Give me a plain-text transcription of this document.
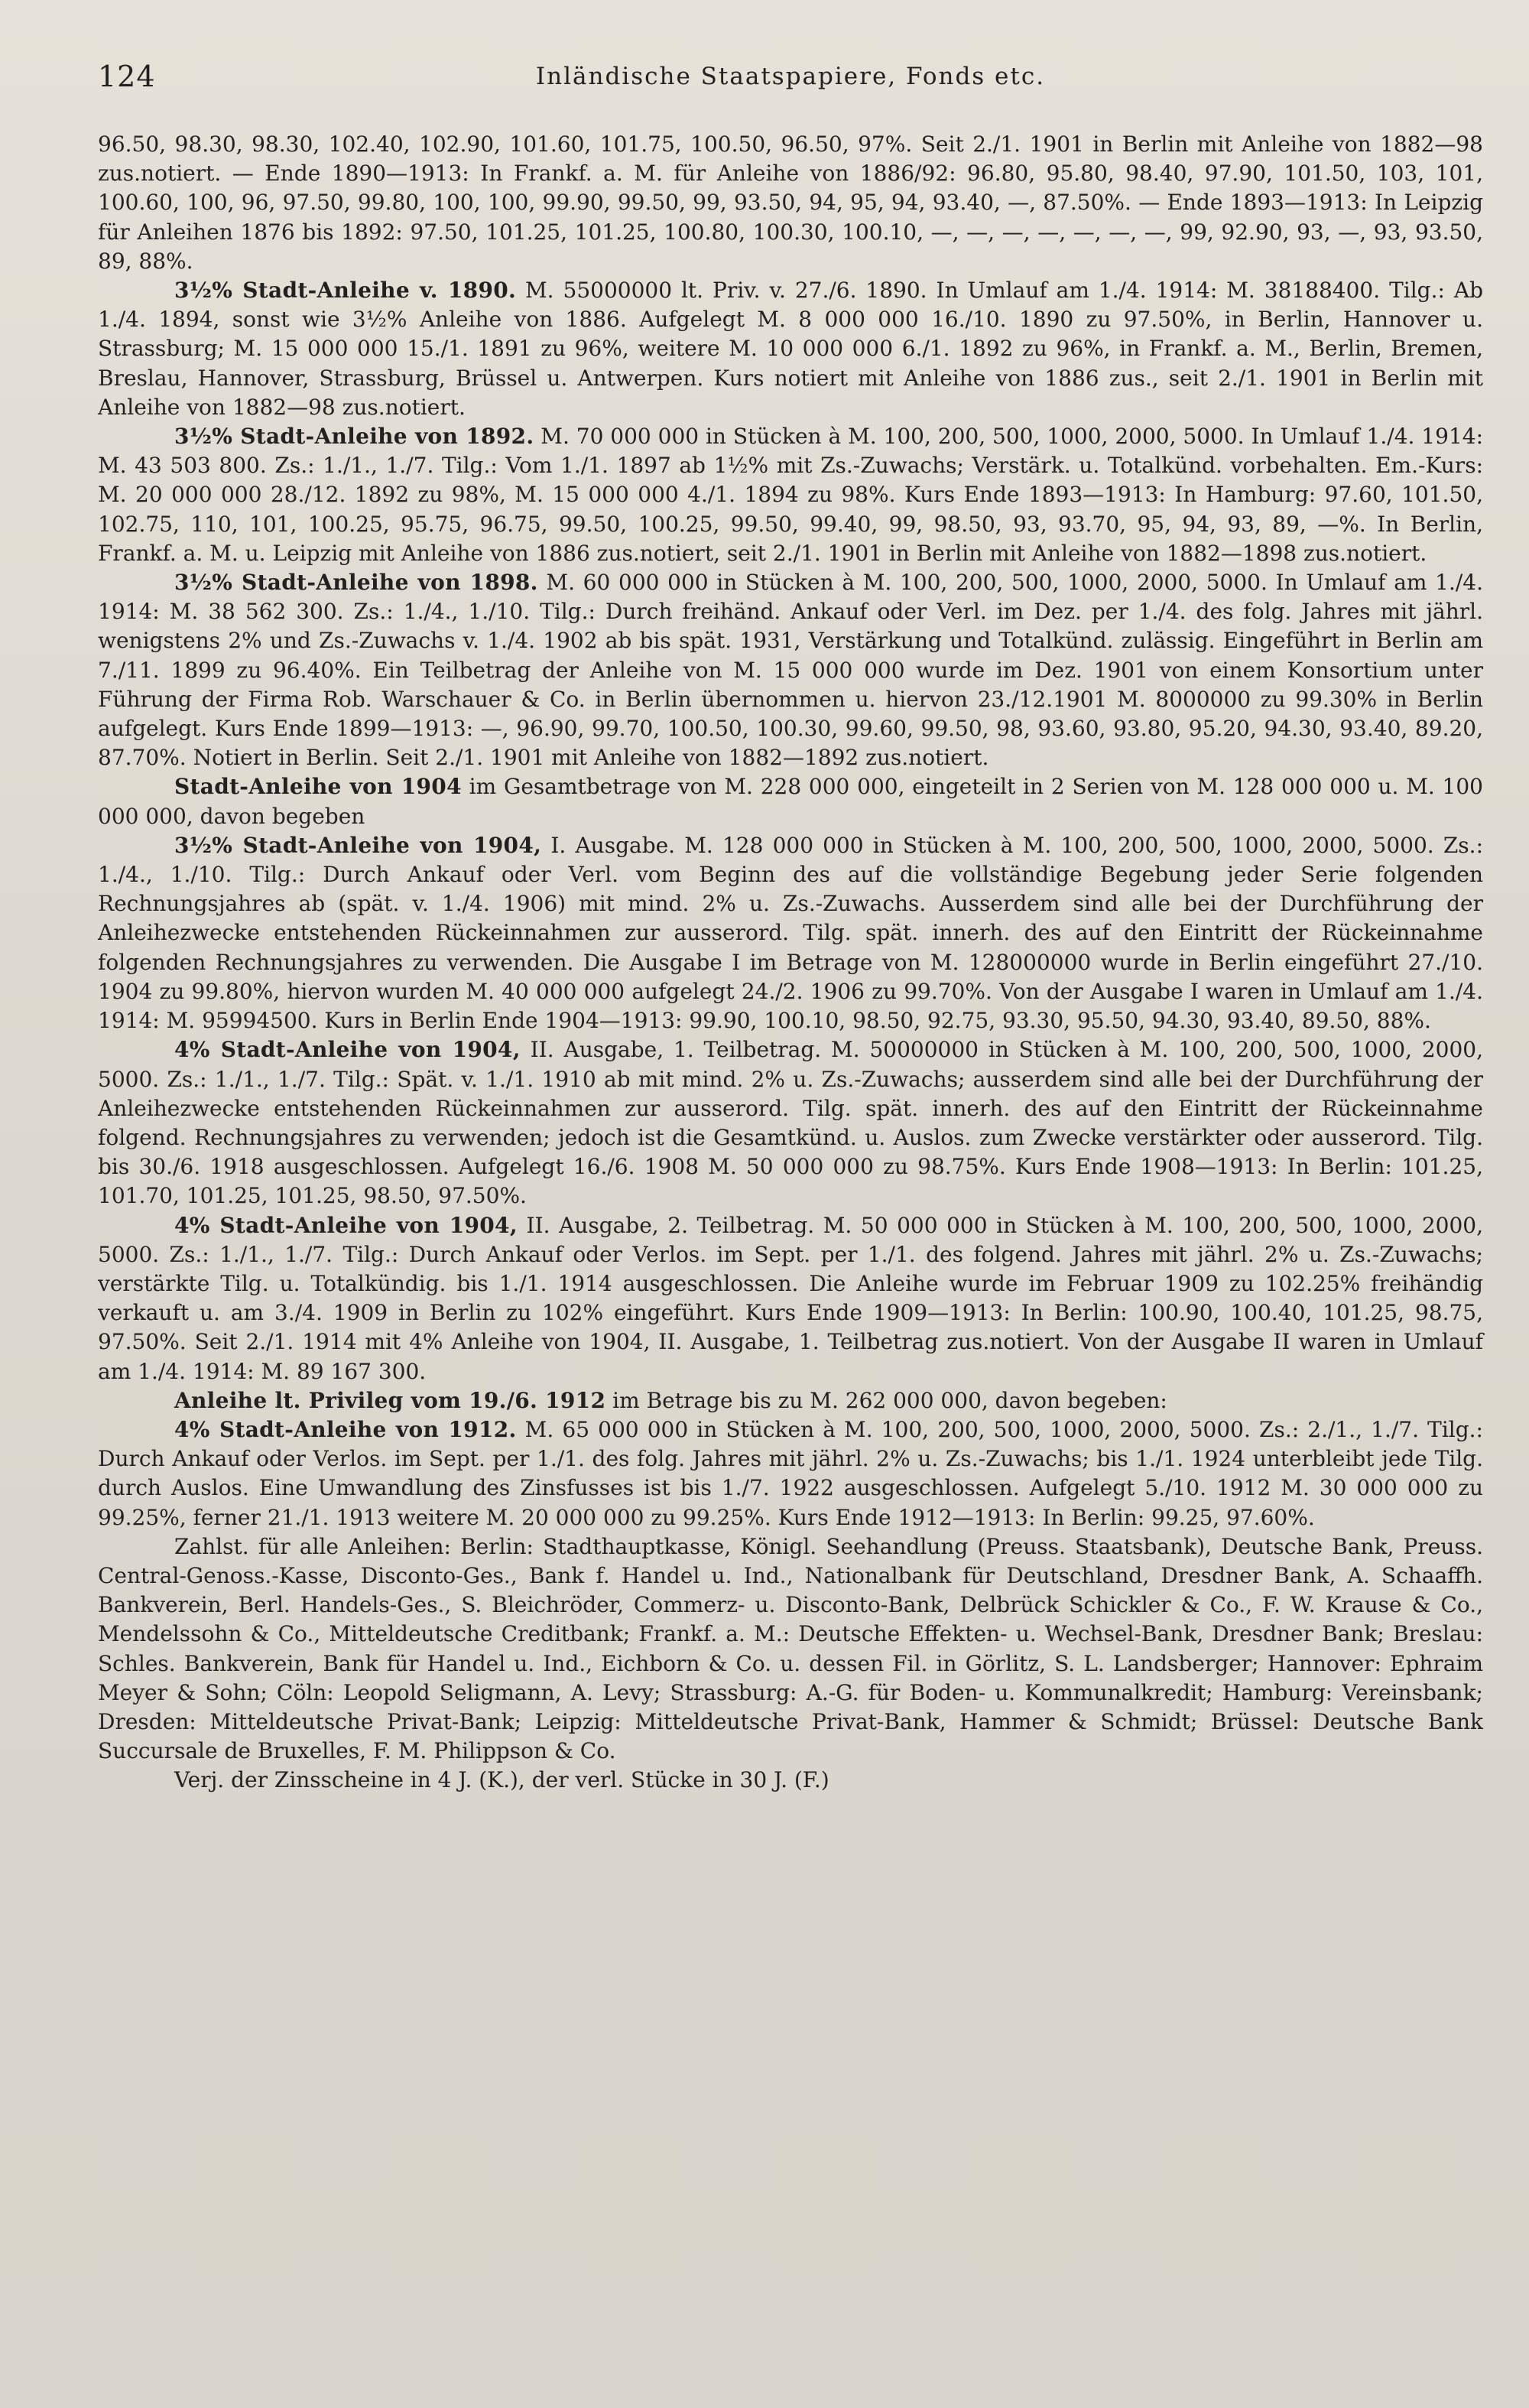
124	Inländische Staatspapiere, Fonds etc.

96.50, 98.30, 98.30, 102.40, 102.90, 101.60, 101.75, 100.50, 96.50, 97%. Seit 2./1. 1901 in Berlin mit Anleihe von 1882—98 zus.notiert. — Ende 1890—1913: In Frankf. a. M. für Anleihe von 1886/92: 96.80, 95.80, 98.40, 97.90, 101.50, 103, 101, 100.60, 100, 96, 97.50, 99.80, 100, 100, 99.90, 99.50, 99, 93.50, 94, 95, 94, 93.40, —, 87.50%. — Ende 1893—1913: In Leipzig für Anleihen 1876 bis 1892: 97.50, 101.25, 101.25, 100.80, 100.30, 100.10, —, —, —, —, —, —, —, 99, 92.90, 93, —, 93, 93.50, 89, 88%.

3½% Stadt-Anleihe v. 1890. M. 55000000 lt. Priv. v. 27./6. 1890. In Umlauf am 1./4. 1914: M. 38188400. Tilg.: Ab 1./4. 1894, sonst wie 3½% Anleihe von 1886. Aufgelegt M. 8 000 000 16./10. 1890 zu 97.50%, in Berlin, Hannover u. Strassburg; M. 15 000 000 15./1. 1891 zu 96%, weitere M. 10 000 000 6./1. 1892 zu 96%, in Frankf. a. M., Berlin, Bremen, Breslau, Hannover, Strassburg, Brüssel u. Antwerpen. Kurs notiert mit Anleihe von 1886 zus., seit 2./1. 1901 in Berlin mit Anleihe von 1882—98 zus.notiert.

3½% Stadt-Anleihe von 1892. M. 70 000 000 in Stücken à M. 100, 200, 500, 1000, 2000, 5000. In Umlauf 1./4. 1914: M. 43 503 800. Zs.: 1./1., 1./7. Tilg.: Vom 1./1. 1897 ab 1½% mit Zs.-Zuwachs; Verstärk. u. Totalkünd. vorbehalten. Em.-Kurs: M. 20 000 000 28./12. 1892 zu 98%, M. 15 000 000 4./1. 1894 zu 98%. Kurs Ende 1893—1913: In Hamburg: 97.60, 101.50, 102.75, 110, 101, 100.25, 95.75, 96.75, 99.50, 100.25, 99.50, 99.40, 99, 98.50, 93, 93.70, 95, 94, 93, 89, —%. In Berlin, Frankf. a. M. u. Leipzig mit Anleihe von 1886 zus.notiert, seit 2./1. 1901 in Berlin mit Anleihe von 1882—1898 zus.notiert.

3½% Stadt-Anleihe von 1898. M. 60 000 000 in Stücken à M. 100, 200, 500, 1000, 2000, 5000. In Umlauf am 1./4. 1914: M. 38 562 300. Zs.: 1./4., 1./10. Tilg.: Durch freihänd. Ankauf oder Verl. im Dez. per 1./4. des folg. Jahres mit jährl. wenigstens 2% und Zs.-Zuwachs v. 1./4. 1902 ab bis spät. 1931, Verstärkung und Totalkünd. zulässig. Eingeführt in Berlin am 7./11. 1899 zu 96.40%. Ein Teilbetrag der Anleihe von M. 15 000 000 wurde im Dez. 1901 von einem Konsortium unter Führung der Firma Rob. Warschauer & Co. in Berlin übernommen u. hiervon 23./12.1901 M. 8000000 zu 99.30% in Berlin aufgelegt. Kurs Ende 1899—1913: —, 96.90, 99.70, 100.50, 100.30, 99.60, 99.50, 98, 93.60, 93.80, 95.20, 94.30, 93.40, 89.20, 87.70%. Notiert in Berlin. Seit 2./1. 1901 mit Anleihe von 1882—1892 zus.notiert.

Stadt-Anleihe von 1904 im Gesamtbetrage von M. 228 000 000, eingeteilt in 2 Serien von M. 128 000 000 u. M. 100 000 000, davon begeben

3½% Stadt-Anleihe von 1904, I. Ausgabe. M. 128 000 000 in Stücken à M. 100, 200, 500, 1000, 2000, 5000. Zs.: 1./4., 1./10. Tilg.: Durch Ankauf oder Verl. vom Beginn des auf die vollständige Begebung jeder Serie folgenden Rechnungsjahres ab (spät. v. 1./4. 1906) mit mind. 2% u. Zs.-Zuwachs. Ausserdem sind alle bei der Durchführung der Anleihezwecke entstehenden Rückeinnahmen zur ausserord. Tilg. spät. innerh. des auf den Eintritt der Rückeinnahme folgenden Rechnungsjahres zu verwenden. Die Ausgabe I im Betrage von M. 128000000 wurde in Berlin eingeführt 27./10. 1904 zu 99.80%, hiervon wurden M. 40 000 000 aufgelegt 24./2. 1906 zu 99.70%. Von der Ausgabe I waren in Umlauf am 1./4. 1914: M. 95994500. Kurs in Berlin Ende 1904—1913: 99.90, 100.10, 98.50, 92.75, 93.30, 95.50, 94.30, 93.40, 89.50, 88%.

4% Stadt-Anleihe von 1904, II. Ausgabe, 1. Teilbetrag. M. 50000000 in Stücken à M. 100, 200, 500, 1000, 2000, 5000. Zs.: 1./1., 1./7. Tilg.: Spät. v. 1./1. 1910 ab mit mind. 2% u. Zs.-Zuwachs; ausserdem sind alle bei der Durchführung der Anleihezwecke entstehenden Rückeinnahmen zur ausserord. Tilg. spät. innerh. des auf den Eintritt der Rückeinnahme folgend. Rechnungsjahres zu verwenden; jedoch ist die Gesamtkünd. u. Auslos. zum Zwecke verstärkter oder ausserord. Tilg. bis 30./6. 1918 ausgeschlossen. Aufgelegt 16./6. 1908 M. 50 000 000 zu 98.75%. Kurs Ende 1908—1913: In Berlin: 101.25, 101.70, 101.25, 101.25, 98.50, 97.50%.

4% Stadt-Anleihe von 1904, II. Ausgabe, 2. Teilbetrag. M. 50 000 000 in Stücken à M. 100, 200, 500, 1000, 2000, 5000. Zs.: 1./1., 1./7. Tilg.: Durch Ankauf oder Verlos. im Sept. per 1./1. des folgend. Jahres mit jährl. 2% u. Zs.-Zuwachs; verstärkte Tilg. u. Totalkündig. bis 1./1. 1914 ausgeschlossen. Die Anleihe wurde im Februar 1909 zu 102.25% freihändig verkauft u. am 3./4. 1909 in Berlin zu 102% eingeführt. Kurs Ende 1909—1913: In Berlin: 100.90, 100.40, 101.25, 98.75, 97.50%. Seit 2./1. 1914 mit 4% Anleihe von 1904, II. Ausgabe, 1. Teilbetrag zus.notiert. Von der Ausgabe II waren in Umlauf am 1./4. 1914: M. 89 167 300.

Anleihe lt. Privileg vom 19./6. 1912 im Betrage bis zu M. 262 000 000, davon begeben:

4% Stadt-Anleihe von 1912. M. 65 000 000 in Stücken à M. 100, 200, 500, 1000, 2000, 5000. Zs.: 2./1., 1./7. Tilg.: Durch Ankauf oder Verlos. im Sept. per 1./1. des folg. Jahres mit jährl. 2% u. Zs.-Zuwachs; bis 1./1. 1924 unterbleibt jede Tilg. durch Auslos. Eine Umwandlung des Zinsfusses ist bis 1./7. 1922 ausgeschlossen. Aufgelegt 5./10. 1912 M. 30 000 000 zu 99.25%, ferner 21./1. 1913 weitere M. 20 000 000 zu 99.25%. Kurs Ende 1912—1913: In Berlin: 99.25, 97.60%.

Zahlst. für alle Anleihen: Berlin: Stadthauptkasse, Königl. Seehandlung (Preuss. Staatsbank), Deutsche Bank, Preuss. Central-Genoss.-Kasse, Disconto-Ges., Bank f. Handel u. Ind., Nationalbank für Deutschland, Dresdner Bank, A. Schaaffh. Bankverein, Berl. Handels-Ges., S. Bleichröder, Commerz- u. Disconto-Bank, Delbrück Schickler & Co., F. W. Krause & Co., Mendelssohn & Co., Mitteldeutsche Creditbank; Frankf. a. M.: Deutsche Effekten- u. Wechsel-Bank, Dresdner Bank; Breslau: Schles. Bankverein, Bank für Handel u. Ind., Eichborn & Co. u. dessen Fil. in Görlitz, S. L. Landsberger; Hannover: Ephraim Meyer & Sohn; Cöln: Leopold Seligmann, A. Levy; Strassburg: A.-G. für Boden- u. Kommunalkredit; Hamburg: Vereinsbank; Dresden: Mitteldeutsche Privat-Bank; Leipzig: Mitteldeutsche Privat-Bank, Hammer & Schmidt; Brüssel: Deutsche Bank Succursale de Bruxelles, F. M. Philippson & Co.

Verj. der Zinsscheine in 4 J. (K.), der verl. Stücke in 30 J. (F.)
